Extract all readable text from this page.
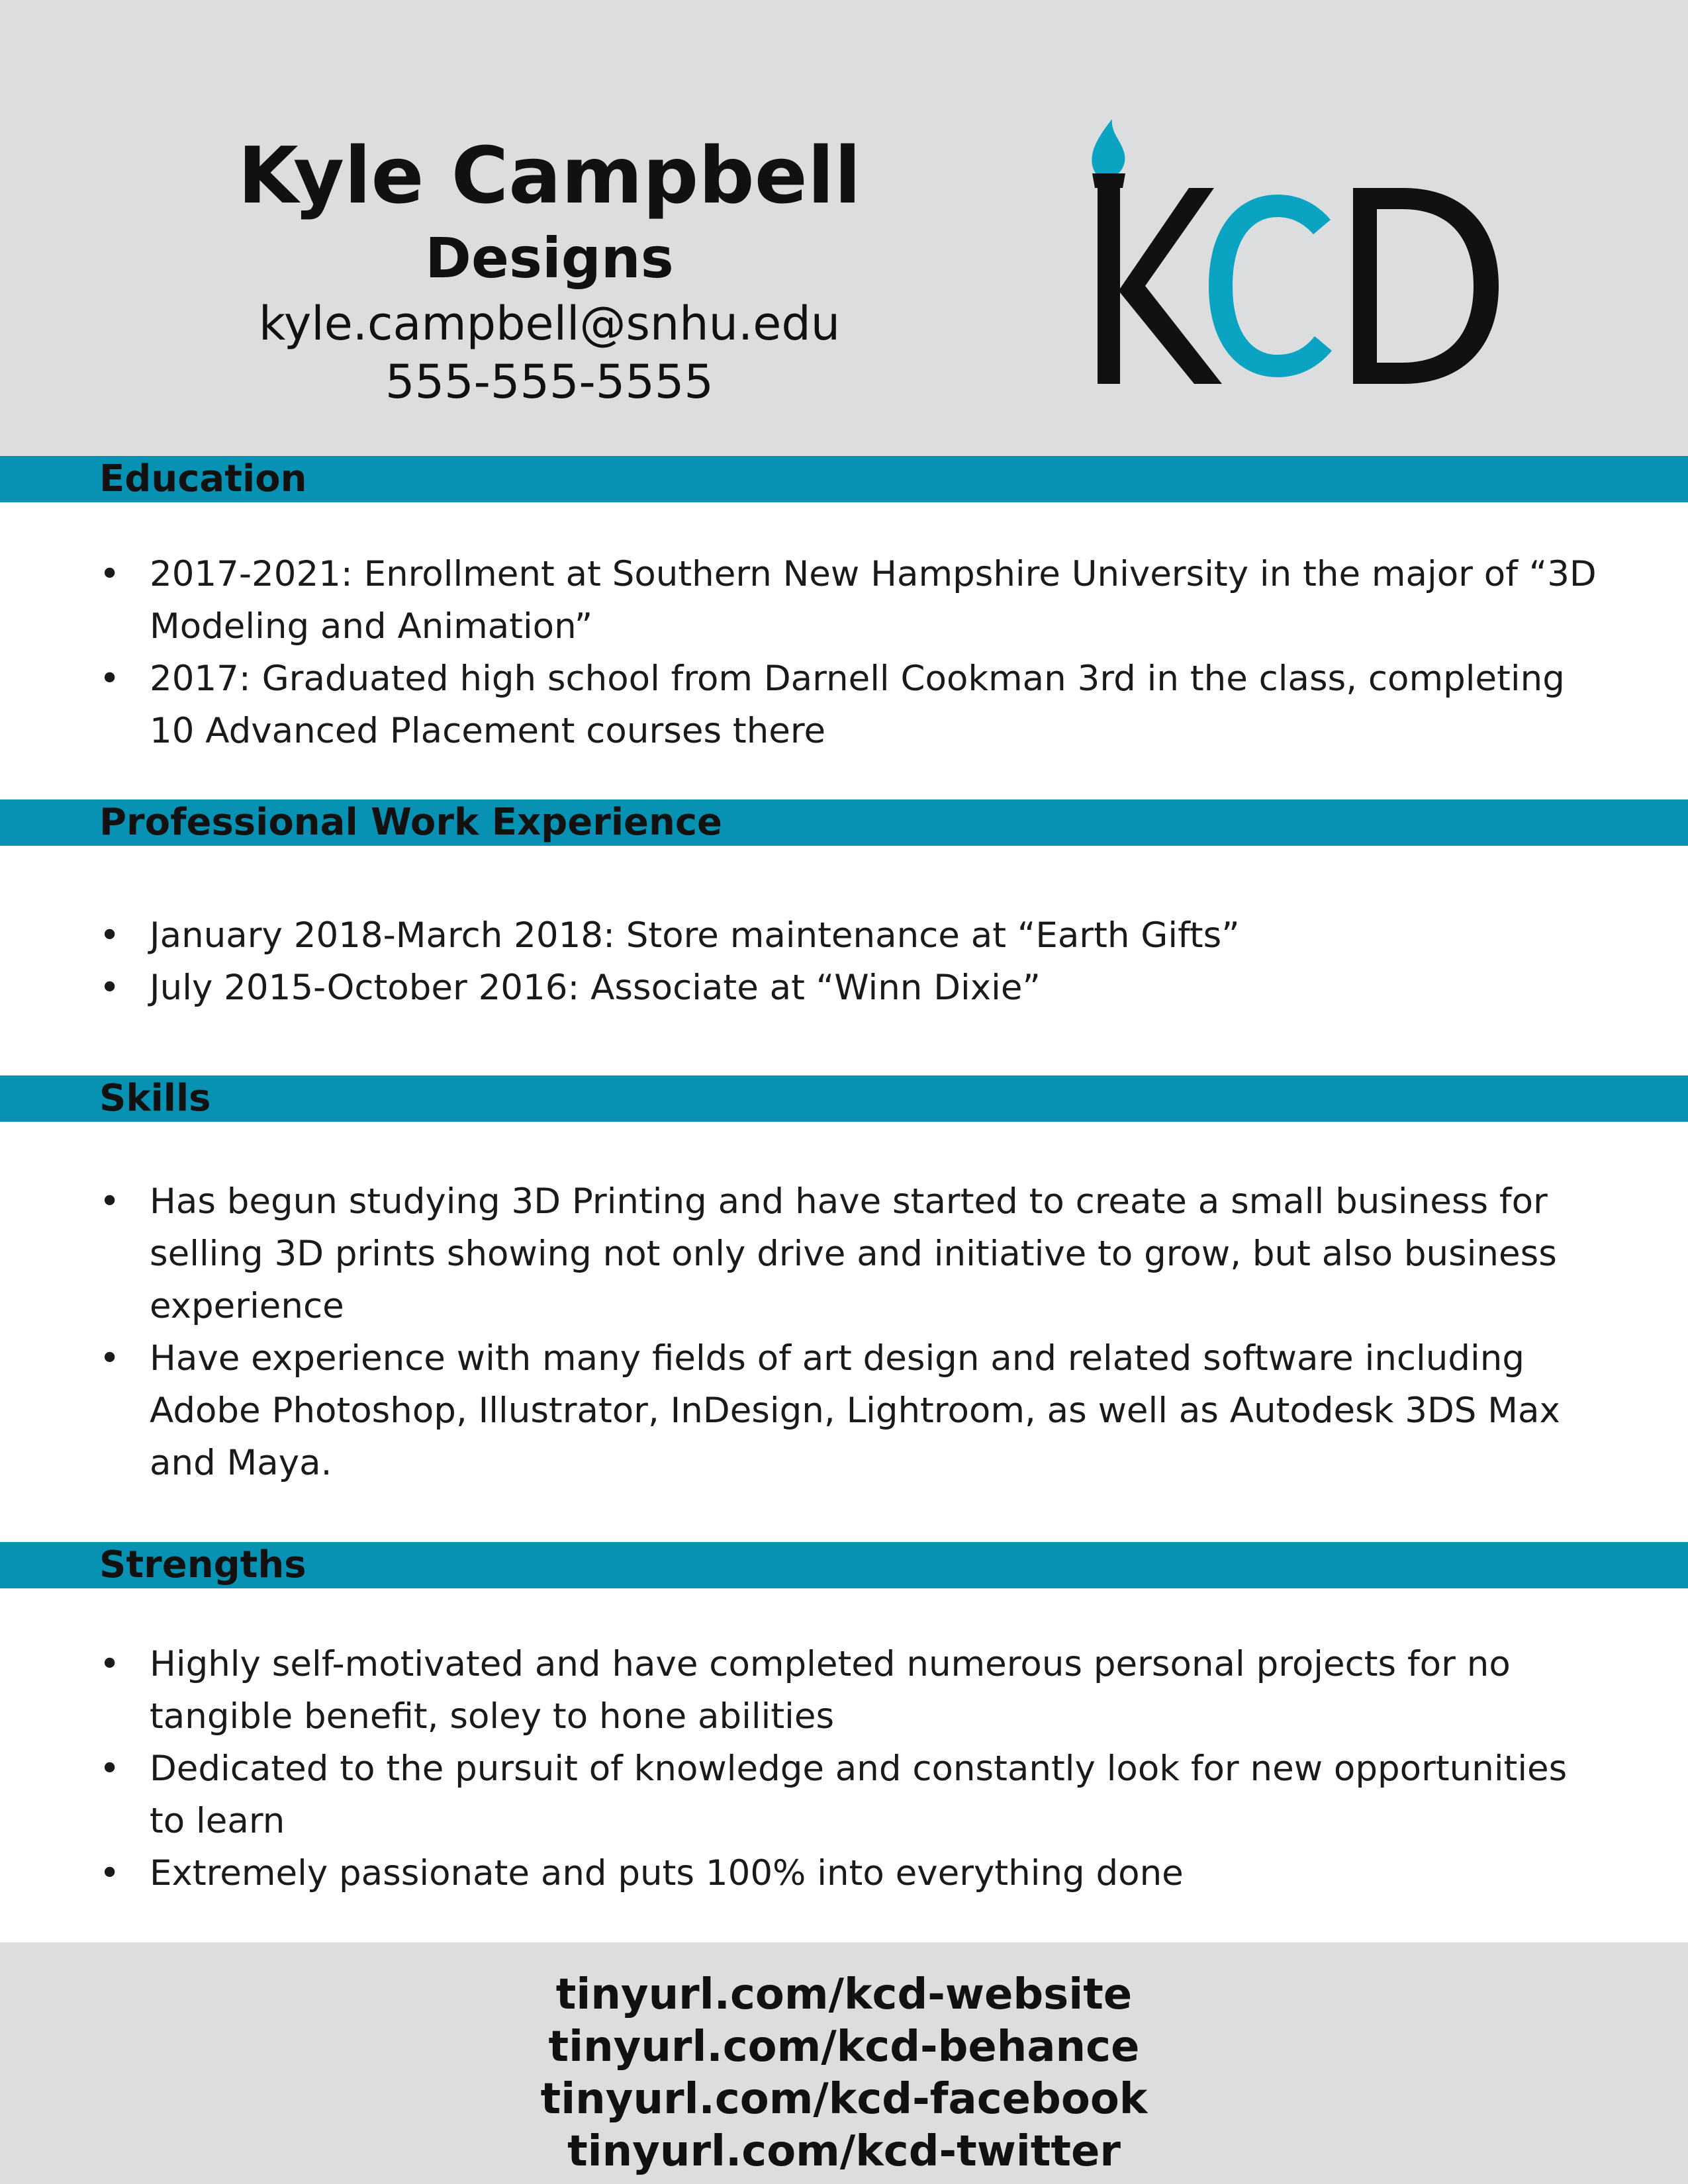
Kyle Campbell
Designs
kyle.campbell@snhu.edu
555-555-5555
Education
• 2017-2021: Enrollment at Southern New Hampshire University in the major of “3D Modeling and Animation”
• 2017: Graduated high school from Darnell Cookman 3rd in the class, completing 10 Advanced Placement courses there
Professional Work Experience
• January 2018-March 2018: Store maintenance at “Earth Gifts”
• July 2015-October 2016: Associate at “Winn Dixie”
Skills
• Has begun studying 3D Printing and have started to create a small business for selling 3D prints showing not only drive and initiative to grow, but also business experience
• Have experience with many fields of art design and related software including Adobe Photoshop, Illustrator, InDesign, Lightroom, as well as Autodesk 3DS Max and Maya.
Strengths
• Highly self-motivated and have completed numerous personal projects for no tangible benefit, soley to hone abilities
• Dedicated to the pursuit of knowledge and constantly look for new opportunities to learn
• Extremely passionate and puts 100% into everything done
tinyurl.com/kcd-website
tinyurl.com/kcd-behance
tinyurl.com/kcd-facebook
tinyurl.com/kcd-twitter
